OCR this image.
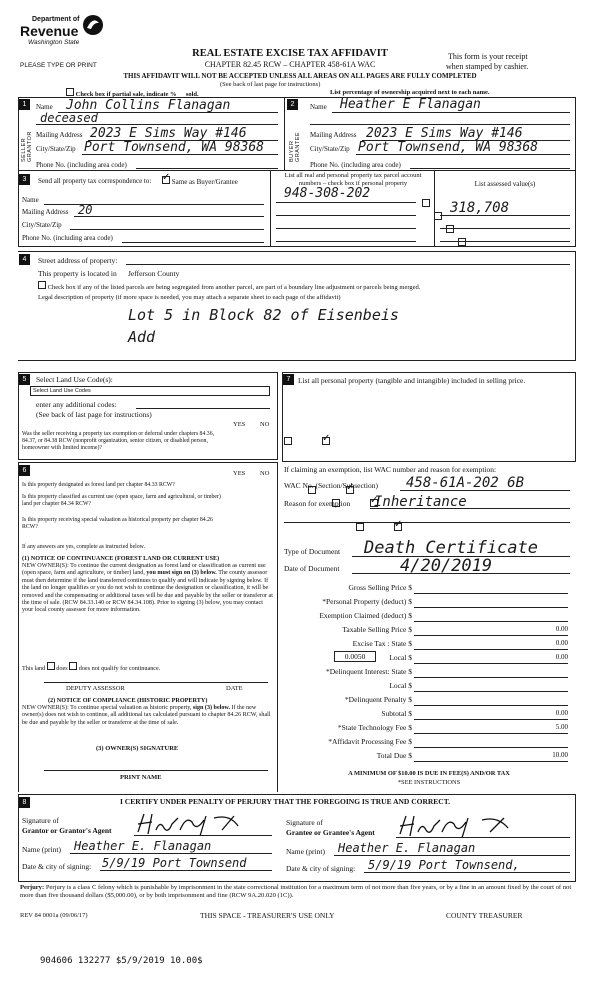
Department of
Revenue
Washington State
PLEASE TYPE OR PRINT
REAL ESTATE EXCISE TAX AFFIDAVIT
CHAPTER 82.45 RCW – CHAPTER 458-61A WAC
This form is your receipt
when stamped by cashier.
THIS AFFIDAVIT WILL NOT BE ACCEPTED UNLESS ALL AREAS ON ALL PAGES ARE FULLY COMPLETED
(See back of last page for instructions)
Check box if partial sale, indicate % sold.	List percentage of ownership acquired next to each name.
1	2
SELLER GRANTOR	BUYER GRANTEE
Name John Collins Flanagan
deceased
Mailing Address 2023 E Sims Way #146
City/State/Zip Port Townsend, WA 98368
Phone No. (including area code)
Name Heather E Flanagan
Mailing Address 2023 E Sims Way #146
City/State/Zip Port Townsend, WA 98368
Phone No. (including area code)
3	Send all property tax correspondence to:
✓	Same as Buyer/Grantee
Name
Mailing Address 20
City/State/Zip
Phone No. (including area code)
List all real and personal property tax parcel account numbers – check box if personal property
948-308-202

List assessed value(s)
318,708
4	Street address of property:
This property is located in Jefferson County
Check box if any of the listed parcels are being segregated from another parcel, are part of a boundary line adjustment or parcels being merged.
Legal description of property (if more space is needed, you may attach a separate sheet to each page of the affidavit)
Lot 5 in Block 82 of Eisenbeis
Add
5	Select Land Use Code(s):
Select Land Use Codes
enter any additional codes:
(See back of last page for instructions)
YES NO
Was the seller receiving a property tax exemption or deferral under chapters 84.36, 84.37, or 84.38 RCW (nonprofit organization, senior citizen, or disabled person, homeowner with limited income)?
✓
6	YES NO
Is this property designated as forest land per chapter 84.33 RCW?
✓
Is this property classified as current use (open space, farm and agricultural, or timber) land per chapter 84.34 RCW?
✓
Is this property receiving special valuation as historical property per chapter 84.26 RCW?
✓
If any answers are yes, complete as instructed below.
(1) NOTICE OF CONTINUANCE (FOREST LAND OR CURRENT USE)
NEW OWNER(S): To continue the current designation as forest land or classification as current use (open space, farm and agriculture, or timber) land, you must sign on (3) below. The county assessor must then determine if the land transferred continues to qualify and will indicate by signing below. If the land no longer qualifies or you do not wish to continue the designation or classification, it will be removed and the compensating or additional taxes will be due and payable by the seller or transferor at the time of sale. (RCW 84.33.140 or RCW 84.34.108). Prior to signing (3) below, you may contact your local county assessor for more information.
This land does does not qualify for continuance.
DEPUTY ASSESSOR	DATE
(2) NOTICE OF COMPLIANCE (HISTORIC PROPERTY)
NEW OWNER(S): To continue special valuation as historic property, sign (3) below. If the new owner(s) does not wish to continue, all additional tax calculated pursuant to chapter 84.26 RCW, shall be due and payable by the seller or transferor at the time of sale.
(3) OWNER(S) SIGNATURE
PRINT NAME
7	List all personal property (tangible and intangible) included in selling price.
If claiming an exemption, list WAC number and reason for exemption:
WAC No. (Section/Subsection) 458-61A-202 6B
Reason for exemption Inheritance
Type of Document Death Certificate
Date of Document	4/20/2019
Gross Selling Price $
*Personal Property (deduct) $
Exemption Claimed (deduct) $
Taxable Selling Price $	0.00
Excise Tax : State $	0.00
0.0050	Local $	0.00
*Delinquent Interest: State $
Local $
*Delinquent Penalty $
Subtotal $	0.00
*State Technology Fee $	5.00
*Affidavit Processing Fee $
Total Due $	10.00
A MINIMUM OF $10.00 IS DUE IN FEE(S) AND/OR TAX
*SEE INSTRUCTIONS
8	I CERTIFY UNDER PENALTY OF PERJURY THAT THE FOREGOING IS TRUE AND CORRECT.
Signature of
Grantor or Grantor's Agent
Name (print) Heather E. Flanagan
Date & city of signing: 5/9/19 Port Townsend
Signature of
Grantee or Grantee's Agent
Name (print) Heather E. Flanagan
Date & city of signing: 5/9/19 Port Townsend,
Perjury: Perjury is a class C felony which is punishable by imprisonment in the state correctional institution for a maximum term of not more than five years, or by a fine in an amount fixed by the court of not more than five thousand dollars ($5,000.00), or by both imprisonment and fine (RCW 9A.20.020 (1C)).
REV 84 0001a (09/06/17)	THIS SPACE - TREASURER'S USE ONLY	COUNTY TREASURER
904606 132277 $5/9/2019 10.00$
